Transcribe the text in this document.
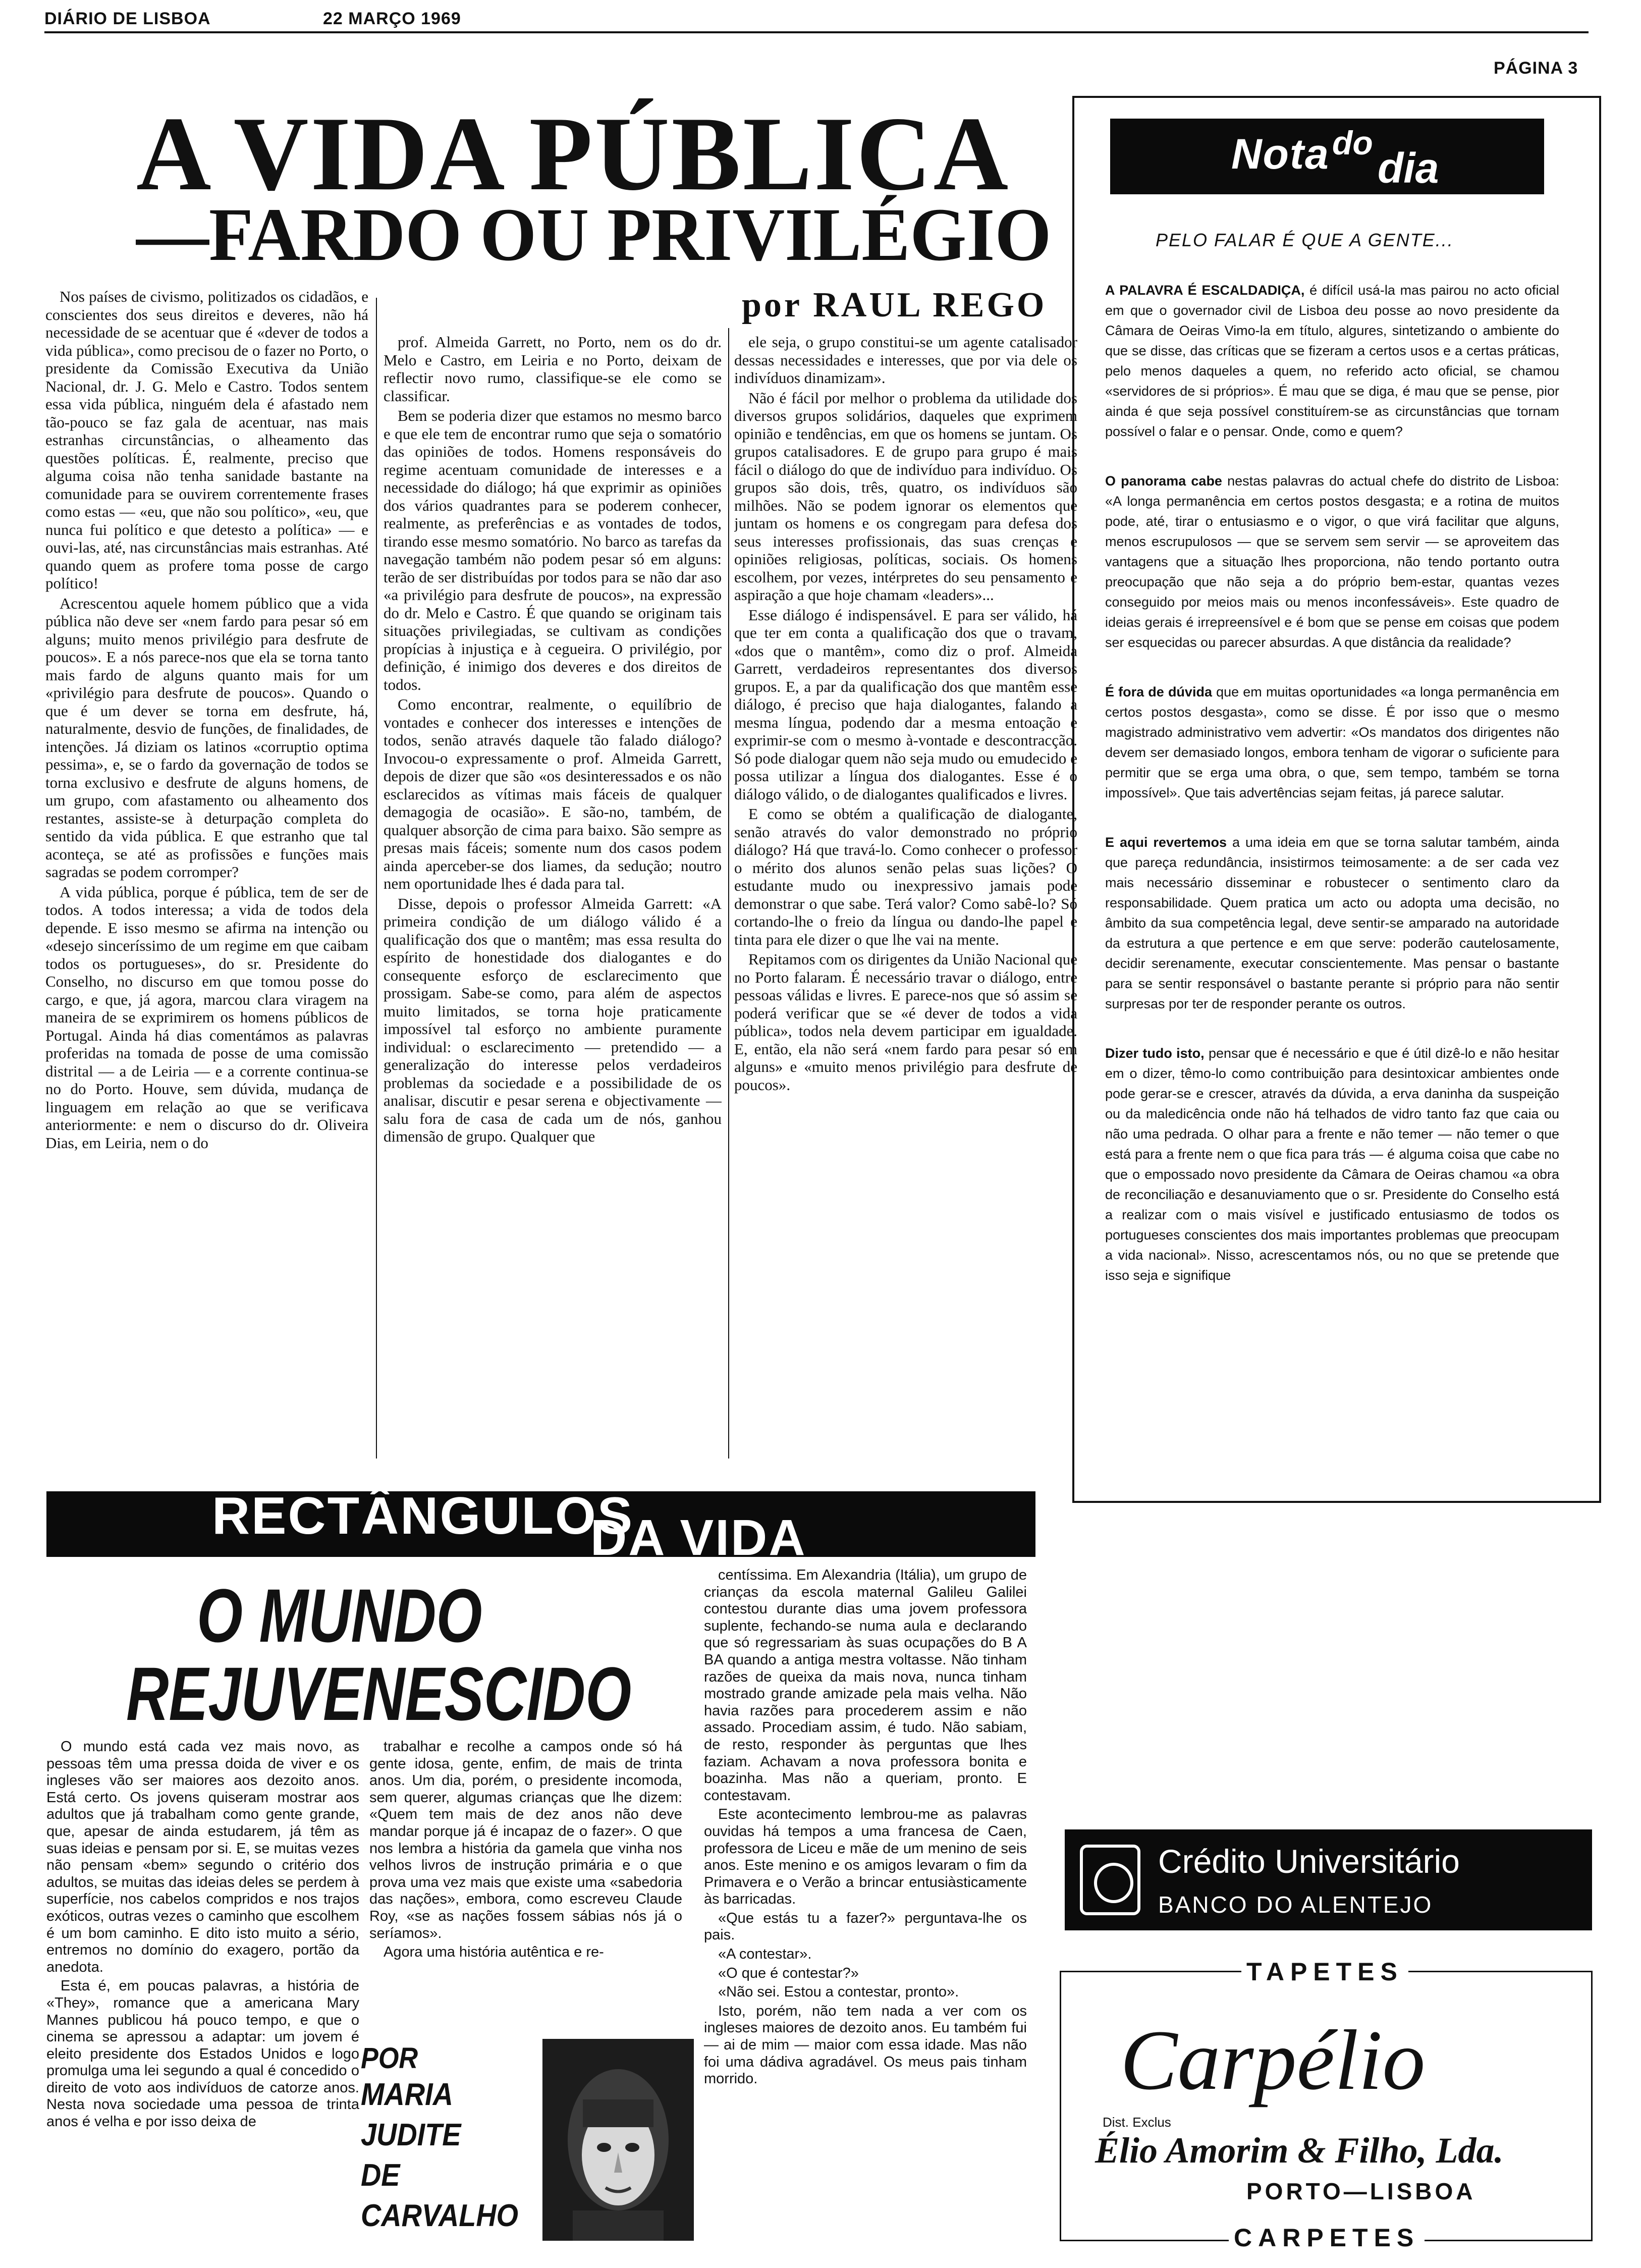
DIÁRIO DE LISBOA	22 MARÇO 1969
PÁGINA 3
A VIDA PÚBLICA
—FARDO OU PRIVILÉGIO
por RAUL REGO

Nos países de civismo, politizados os cidadãos, e conscientes dos seus direitos e deveres, não há necessidade de se acentuar que é «dever de todos a vida pública», como precisou de o fazer no Porto, o presidente da Comissão Executiva da União Nacional, dr. J. G. Melo e Castro. Todos sentem essa vida pública, ninguém dela é afastado nem tão-pouco se faz gala de acentuar, nas mais estranhas circunstâncias, o alheamento das questões políticas. É, realmente, preciso que alguma coisa não tenha sanidade bastante na comunidade para se ouvirem correntemente frases como estas — «eu, que não sou político», «eu, que nunca fui político e que detesto a política» — e ouvi-las, até, nas circunstâncias mais estranhas. Até quando quem as profere toma posse de cargo político!

Acrescentou aquele homem público que a vida pública não deve ser «nem fardo para pesar só em alguns; muito menos privilégio para desfrute de poucos». E a nós parece-nos que ela se torna tanto mais fardo de alguns quanto mais for um «privilégio para desfrute de poucos». Quando o que é um dever se torna em desfrute, há, naturalmente, desvio de funções, de finalidades, de intenções. Já diziam os latinos «corruptio optima pessima», e, se o fardo da governação de todos se torna exclusivo e desfrute de alguns homens, de um grupo, com afastamento ou alheamento dos restantes, assiste-se à deturpação completa do sentido da vida pública. E que estranho que tal aconteça, se até as profissões e funções mais sagradas se podem corromper?

A vida pública, porque é pública, tem de ser de todos. A todos interessa; a vida de todos dela depende. E isso mesmo se afirma na intenção ou «desejo sinceríssimo de um regime em que caibam todos os portugueses», do sr. Presidente do Conselho, no discurso em que tomou posse do cargo, e que, já agora, marcou clara viragem na maneira de se exprimirem os homens públicos de Portugal. Ainda há dias comentámos as palavras proferidas na tomada de posse de uma comissão distrital — a de Leiria — e a corrente continua-se no do Porto. Houve, sem dúvida, mudança de linguagem em relação ao que se verificava anteriormente: e nem o discurso do dr. Oliveira Dias, em Leiria, nem o do

prof. Almeida Garrett, no Porto, nem os do dr. Melo e Castro, em Leiria e no Porto, deixam de reflectir novo rumo, classifique-se ele como se classificar.

Bem se poderia dizer que estamos no mesmo barco e que ele tem de encontrar rumo que seja o somatório das opiniões de todos. Homens responsáveis do regime acentuam comunidade de interesses e a necessidade do diálogo; há que exprimir as opiniões dos vários quadrantes para se poderem conhecer, realmente, as preferências e as vontades de todos, tirando esse mesmo somatório. No barco as tarefas da navegação também não podem pesar só em alguns: terão de ser distribuídas por todos para se não dar aso «a privilégio para desfrute de poucos», na expressão do dr. Melo e Castro. É que quando se originam tais situações privilegiadas, se cultivam as condições propícias à injustiça e à cegueira. O privilégio, por definição, é inimigo dos deveres e dos direitos de todos.

Como encontrar, realmente, o equilíbrio de vontades e conhecer dos interesses e intenções de todos, senão através daquele tão falado diálogo? Invocou-o expressamente o prof. Almeida Garrett, depois de dizer que são «os desinteressados e os não esclarecidos as vítimas mais fáceis de qualquer demagogia de ocasião». E são-no, também, de qualquer absorção de cima para baixo. São sempre as presas mais fáceis; somente num dos casos podem ainda aperceber-se dos liames, da sedução; noutro nem oportunidade lhes é dada para tal.

Disse, depois o professor Almeida Garrett: «A primeira condição de um diálogo válido é a qualificação dos que o mantêm; mas essa resulta do espírito de honestidade dos dialogantes e do consequente esforço de esclarecimento que prossigam. Sabe-se como, para além de aspectos muito limitados, se torna hoje praticamente impossível tal esforço no ambiente puramente individual: o esclarecimento — pretendido — a generalização do interesse pelos verdadeiros problemas da sociedade e a possibilidade de os analisar, discutir e pesar serena e objectivamente — salu fora de casa de cada um de nós, ganhou dimensão de grupo. Qualquer que

ele seja, o grupo constitui-se um agente catalisador dessas necessidades e interesses, que por via dele os indivíduos dinamizam».

Não é fácil por melhor o problema da utilidade dos diversos grupos solidários, daqueles que exprimem opinião e tendências, em que os homens se juntam. Os grupos catalisadores. E de grupo para grupo é mais fácil o diálogo do que de indivíduo para indivíduo. Os grupos são dois, três, quatro, os indivíduos são milhões. Não se podem ignorar os elementos que juntam os homens e os congregam para defesa dos seus interesses profissionais, das suas crenças e opiniões religiosas, políticas, sociais. Os homens escolhem, por vezes, intérpretes do seu pensamento e aspiração a que hoje chamam «leaders»...

Esse diálogo é indispensável. E para ser válido, há que ter em conta a qualificação dos que o travam, «dos que o mantêm», como diz o prof. Almeida Garrett, verdadeiros representantes dos diversos grupos. E, a par da qualificação dos que mantêm esse diálogo, é preciso que haja dialogantes, falando a mesma língua, podendo dar a mesma entoação e exprimir-se com o mesmo à-vontade e descontracção. Só pode dialogar quem não seja mudo ou emudecido e possa utilizar a língua dos dialogantes. Esse é o diálogo válido, o de dialogantes qualificados e livres.

E como se obtém a qualificação de dialogante, senão através do valor demonstrado no próprio diálogo? Há que travá-lo. Como conhecer o professor o mérito dos alunos senão pelas suas lições? O estudante mudo ou inexpressivo jamais pode demonstrar o que sabe. Terá valor? Como sabê-lo? Só cortando-lhe o freio da língua ou dando-lhe papel e tinta para ele dizer o que lhe vai na mente.

Repitamos com os dirigentes da União Nacional que no Porto falaram. É necessário travar o diálogo, entre pessoas válidas e livres. E parece-nos que só assim se poderá verificar que se «é dever de todos a vida pública», todos nela devem participar em igualdade. E, então, ela não será «nem fardo para pesar só em alguns» e «muito menos privilégio para desfrute de poucos».

Nota do
dia
PELO FALAR É QUE A GENTE...

A PALAVRA É ESCALDADIÇA, é difícil usá-la mas pairou no acto oficial em que o governador civil de Lisboa deu posse ao novo presidente da Câmara de Oeiras Vimo-la em título, algures, sintetizando o ambiente do que se disse, das críticas que se fizeram a certos usos e a certas práticas, pelo menos daqueles a quem, no referido acto oficial, se chamou «servidores de si próprios». É mau que se diga, é mau que se pense, pior ainda é que seja possível constituírem-se as circunstâncias que tornam possível o falar e o pensar. Onde, como e quem?

O panorama cabe nestas palavras do actual chefe do distrito de Lisboa: «A longa permanência em certos postos desgasta; e a rotina de muitos pode, até, tirar o entusiasmo e o vigor, o que virá facilitar que alguns, menos escrupulosos — que se servem sem servir — se aproveitem das vantagens que a situação lhes proporciona, não tendo portanto outra preocupação que não seja a do próprio bem-estar, quantas vezes conseguido por meios mais ou menos inconfessáveis». Este quadro de ideias gerais é irrepreensível e é bom que se pense em coisas que podem ser esquecidas ou parecer absurdas. A que distância da realidade?

É fora de dúvida que em muitas oportunidades «a longa permanência em certos postos desgasta», como se disse. É por isso que o mesmo magistrado administrativo vem advertir: «Os mandatos dos dirigentes não devem ser demasiado longos, embora tenham de vigorar o suficiente para permitir que se erga uma obra, o que, sem tempo, também se torna impossível». Que tais advertências sejam feitas, já parece salutar.

E aqui revertemos a uma ideia em que se torna salutar também, ainda que pareça redundância, insistirmos teimosamente: a de ser cada vez mais necessário disseminar e robustecer o sentimento claro da responsabilidade. Quem pratica um acto ou adopta uma decisão, no âmbito da sua competência legal, deve sentir-se amparado na autoridade da estrutura a que pertence e em que serve: poderão cautelosamente, decidir serenamente, executar conscientemente. Mas pensar o bastante para se sentir responsável o bastante perante si próprio para não sentir surpresas por ter de responder perante os outros.

Dizer tudo isto, pensar que é necessário e que é útil dizê-lo e não hesitar em o dizer, têmo-lo como contribuição para desintoxicar ambientes onde pode gerar-se e crescer, através da dúvida, a erva daninha da suspeição ou da maledicência onde não há telhados de vidro tanto faz que caia ou não uma pedrada. O olhar para a frente e não temer — não temer o que está para a frente nem o que fica para trás — é alguma coisa que cabe no que o empossado novo presidente da Câmara de Oeiras chamou «a obra de reconciliação e desanuviamento que o sr. Presidente do Conselho está a realizar com o mais visível e justificado entusiasmo de todos os portugueses conscientes dos mais importantes problemas que preocupam a vida nacional». Nisso, acrescentamos nós, ou no que se pretende que isso seja e signifique

RECTÂNGULOS
DA VIDA
O MUNDO
REJUVENESCIDO

O mundo está cada vez mais novo, as pessoas têm uma pressa doida de viver e os ingleses vão ser maiores aos dezoito anos. Está certo. Os jovens quiseram mostrar aos adultos que já trabalham como gente grande, que, apesar de ainda estudarem, já têm as suas ideias e pensam por si. E, se muitas vezes não pensam «bem» segundo o critério dos adultos, se muitas das ideias deles se perdem à superfície, nos cabelos compridos e nos trajos exóticos, outras vezes o caminho que escolhem é um bom caminho. E dito isto muito a sério, entremos no domínio do exagero, portão da anedota.

Esta é, em poucas palavras, a história de «They», romance que a americana Mary Mannes publicou há pouco tempo, e que o cinema se apressou a adaptar: um jovem é eleito presidente dos Estados Unidos e logo promulga uma lei segundo a qual é concedido o direito de voto aos indivíduos de catorze anos. Nesta nova sociedade uma pessoa de trinta anos é velha e por isso deixa de

trabalhar e recolhe a campos onde só há gente idosa, gente, enfim, de mais de trinta anos. Um dia, porém, o presidente incomoda, sem querer, algumas crianças que lhe dizem: «Quem tem mais de dez anos não deve mandar porque já é incapaz de o fazer». O que nos lembra a história da gamela que vinha nos velhos livros de instrução primária e o que prova uma vez mais que existe uma «sabedoria das nações», embora, como escreveu Claude Roy, «se as nações fossem sábias nós já o seríamos».

Agora uma história autêntica e re-

POR
MARIA
JUDITE
DE
CARVALHO

centíssima. Em Alexandria (Itália), um grupo de crianças da escola maternal Galileu Galilei contestou durante dias uma jovem professora suplente, fechando-se numa aula e declarando que só regressariam às suas ocupações do B A BA quando a antiga mestra voltasse. Não tinham razões de queixa da mais nova, nunca tinham mostrado grande amizade pela mais velha. Não havia razões para procederem assim e não assado. Procediam assim, é tudo. Não sabiam, de resto, responder às perguntas que lhes faziam. Achavam a nova professora bonita e boazinha. Mas não a queriam, pronto. E contestavam.

Este acontecimento lembrou-me as palavras ouvidas há tempos a uma francesa de Caen, professora de Liceu e mãe de um menino de seis anos. Este menino e os amigos levaram o fim da Primavera e o Verão a brincar entusiàsticamente às barricadas.

«Que estás tu a fazer?» perguntava-lhe os pais.

«A contestar».

«O que é contestar?»

«Não sei. Estou a contestar, pronto».

Isto, porém, não tem nada a ver com os ingleses maiores de dezoito anos. Eu também fui — ai de mim — maior com essa idade. Mas não foi uma dádiva agradável. Os meus pais tinham morrido.

Crédito Universitário
BANCO DO ALENTEJO
TAPETES
Carpélio
Dist. Exclus
Élio Amorim & Filho, Lda.
PORTO—LISBOA
CARPETES
